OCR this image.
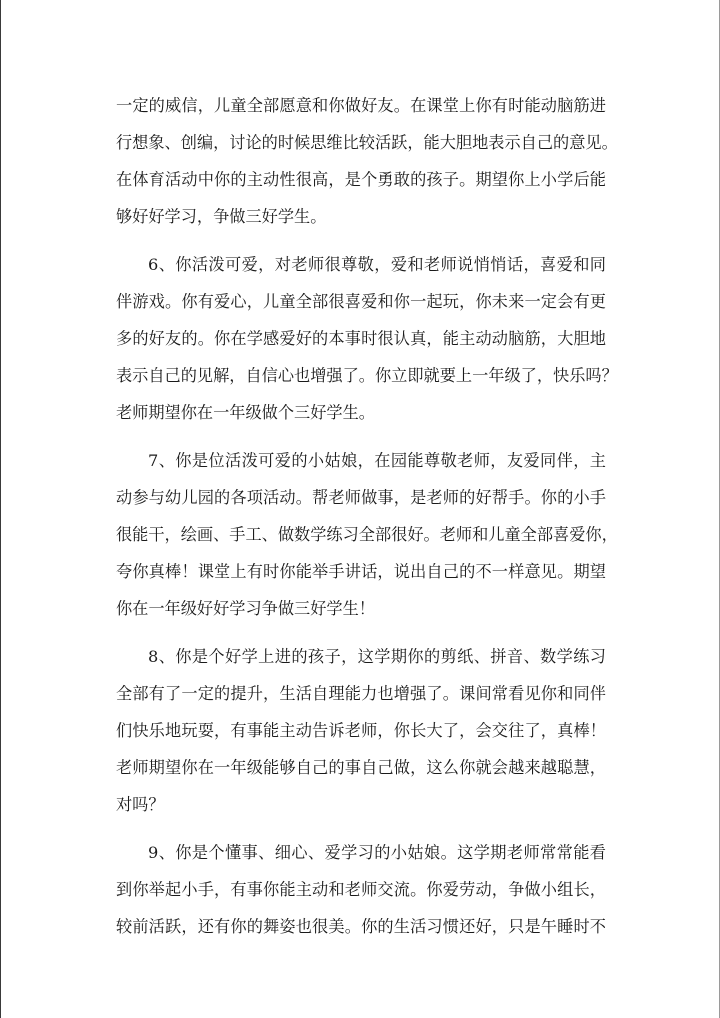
一定的威信，儿童全部愿意和你做好友。在课堂上你有时能动脑筋进
行想象、创编，讨论的时候思维比较活跃，能大胆地表示自己的意见。
在体育活动中你的主动性很高，是个勇敢的孩子。期望你上小学后能
够好好学习，争做三好学生。
6、你活泼可爱，对老师很尊敬，爱和老师说悄悄话，喜爱和同
伴游戏。你有爱心，儿童全部很喜爱和你一起玩，你未来一定会有更
多的好友的。你在学感爱好的本事时很认真，能主动动脑筋，大胆地
表示自己的见解，自信心也增强了。你立即就要上一年级了，快乐吗？
老师期望你在一年级做个三好学生。
7、你是位活泼可爱的小姑娘，在园能尊敬老师，友爱同伴，主
动参与幼儿园的各项活动。帮老师做事，是老师的好帮手。你的小手
很能干，绘画、手工、做数学练习全部很好。老师和儿童全部喜爱你，
夸你真棒！课堂上有时你能举手讲话，说出自己的不一样意见。期望
你在一年级好好学习争做三好学生！
8、你是个好学上进的孩子，这学期你的剪纸、拼音、数学练习
全部有了一定的提升，生活自理能力也增强了。课间常看见你和同伴
们快乐地玩耍，有事能主动告诉老师，你长大了，会交往了，真棒！
老师期望你在一年级能够自己的事自己做，这么你就会越来越聪慧，
对吗？
9、你是个懂事、细心、爱学习的小姑娘。这学期老师常常能看
到你举起小手，有事你能主动和老师交流。你爱劳动，争做小组长，
较前活跃，还有你的舞姿也很美。你的生活习惯还好，只是午睡时不
